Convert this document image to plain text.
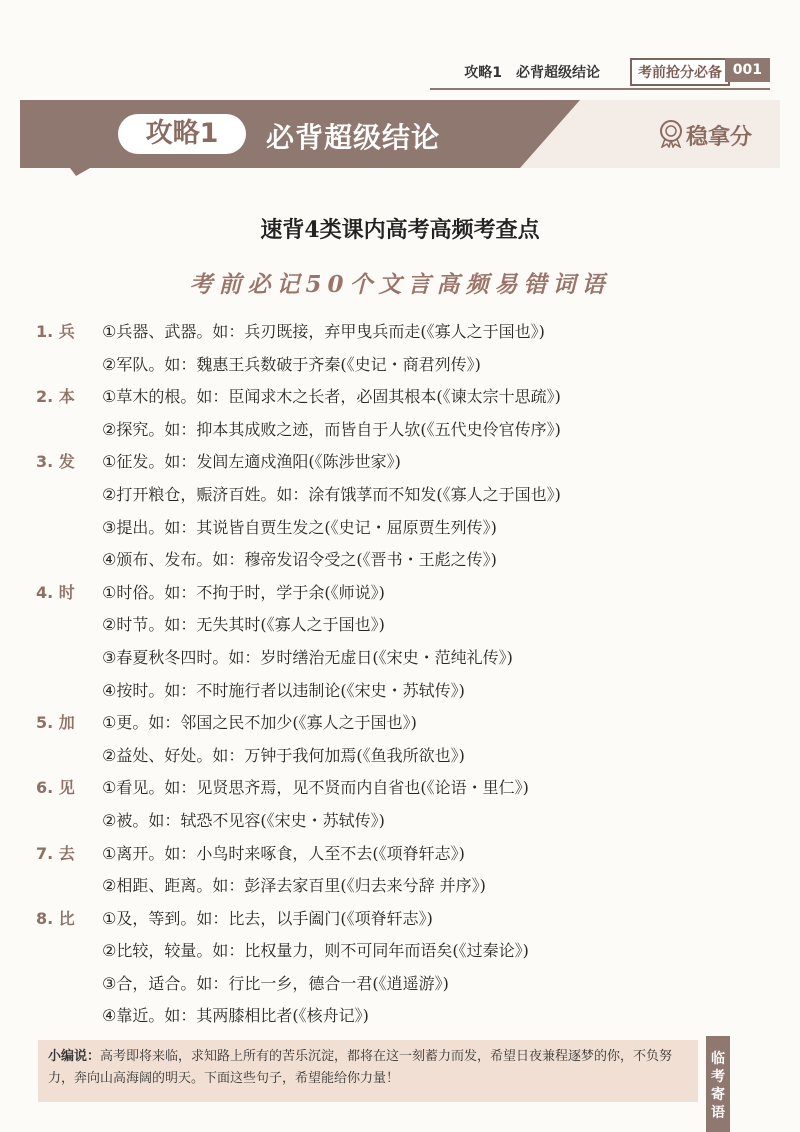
攻略1　必背超级结论	考前抢分必备 001
攻略1	必背超级结论	稳拿分
速背4类课内高考高频考查点
考前必记50个文言高频易错词语
1. 兵 ①兵器、武器。如：兵刃既接，弃甲曳兵而走(《寡人之于国也》)
②军队。如：魏惠王兵数破于齐秦(《史记・商君列传》)
2. 本 ①草木的根。如：臣闻求木之长者，必固其根本(《谏太宗十思疏》)
②探究。如：抑本其成败之迹，而皆自于人欤(《五代史伶官传序》)
3. 发 ①征发。如：发闾左適戍渔阳(《陈涉世家》)
②打开粮仓，赈济百姓。如：涂有饿莩而不知发(《寡人之于国也》)
③提出。如：其说皆自贾生发之(《史记・屈原贾生列传》)
④颁布、发布。如：穆帝发诏令受之(《晋书・王彪之传》)
4. 时 ①时俗。如：不拘于时，学于余(《师说》)
②时节。如：无失其时(《寡人之于国也》)
③春夏秋冬四时。如：岁时缮治无虚日(《宋史・范纯礼传》)
④按时。如：不时施行者以违制论(《宋史・苏轼传》)
5. 加 ①更。如：邻国之民不加少(《寡人之于国也》)
②益处、好处。如：万钟于我何加焉(《鱼我所欲也》)
6. 见 ①看见。如：见贤思齐焉，见不贤而内自省也(《论语・里仁》)
②被。如：轼恐不见容(《宋史・苏轼传》)
7. 去 ①离开。如：小鸟时来啄食，人至不去(《项脊轩志》)
②相距、距离。如：彭泽去家百里(《归去来兮辞 并序》)
8. 比 ①及，等到。如：比去，以手阖门(《项脊轩志》)
②比较，较量。如：比权量力，则不可同年而语矣(《过秦论》)
③合，适合。如：行比一乡，德合一君(《逍遥游》)
④靠近。如：其两膝相比者(《核舟记》)
小编说：高考即将来临，求知路上所有的苦乐沉淀，都将在这一刻蓄力而发，希望日夜兼程逐梦的你，不负努力，奔向山高海阔的明天。下面这些句子，希望能给你力量！
临
考
寄
语
